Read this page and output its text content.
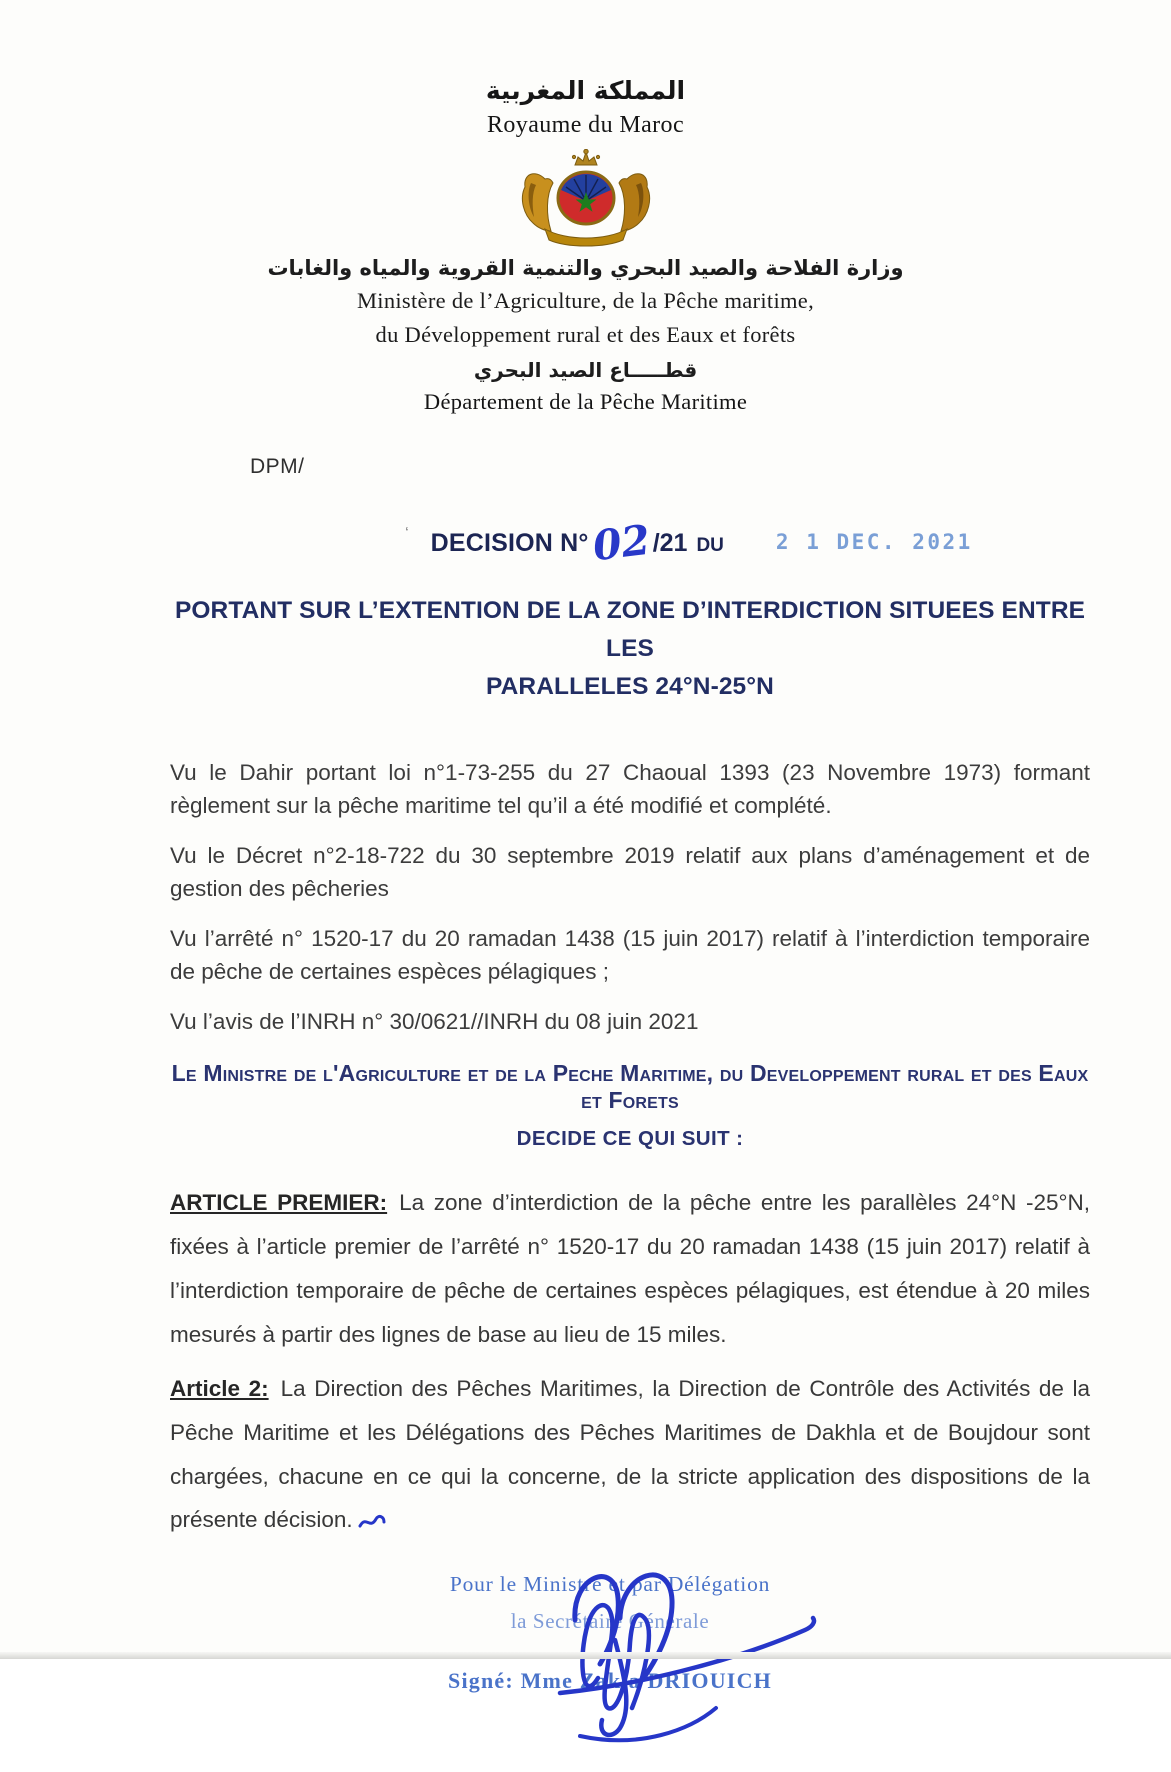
المملكة المغربية
Royaume du Maroc
وزارة الفلاحة والصيد البحري والتنمية القروية والمياه والغابات
Ministère de l’Agriculture, de la Pêche maritime,
du Développement rural et des Eaux et forêts
قطـــــاع الصيد البحري
Département de la Pêche Maritime
DPM/
‘ DECISION N° 02 /21 DU 2 1 DEC. 2021
PORTANT SUR L’EXTENTION DE LA ZONE D’INTERDICTION SITUEES ENTRE LES
PARALLELES 24°N-25°N

Vu le Dahir portant loi n°1-73-255 du 27 Chaoual 1393 (23 Novembre 1973) formant règlement sur la pêche maritime tel qu’il a été modifié et complété.

Vu le Décret n°2-18-722 du 30 septembre 2019 relatif aux plans d’aménagement et de gestion des pêcheries

Vu l’arrêté n° 1520-17 du 20 ramadan 1438 (15 juin 2017) relatif à l’interdiction temporaire de pêche de certaines espèces pélagiques ;

Vu l’avis de l’INRH n° 30/0621//INRH du 08 juin 2021

Le Ministre de l'Agriculture et de la Peche Maritime, du Developpement rural et des Eaux et Forets
DECIDE CE QUI SUIT :

ARTICLE PREMIER: La zone d’interdiction de la pêche entre les parallèles 24°N -25°N, fixées à l’article premier de l’arrêté n° 1520-17 du 20 ramadan 1438 (15 juin 2017) relatif à l’interdiction temporaire de pêche de certaines espèces pélagiques, est étendue à 20 miles mesurés à partir des lignes de base au lieu de 15 miles.

Article 2: La Direction des Pêches Maritimes, la Direction de Contrôle des Activités de la Pêche Maritime et les Délégations des Pêches Maritimes de Dakhla et de Boujdour sont chargées, chacune en ce qui la concerne, de la stricte application des dispositions de la présente décision.

Pour le Ministre et par Délégation
la Secrétaire Générale
Signé: Mme Zakia DRIOUICH
